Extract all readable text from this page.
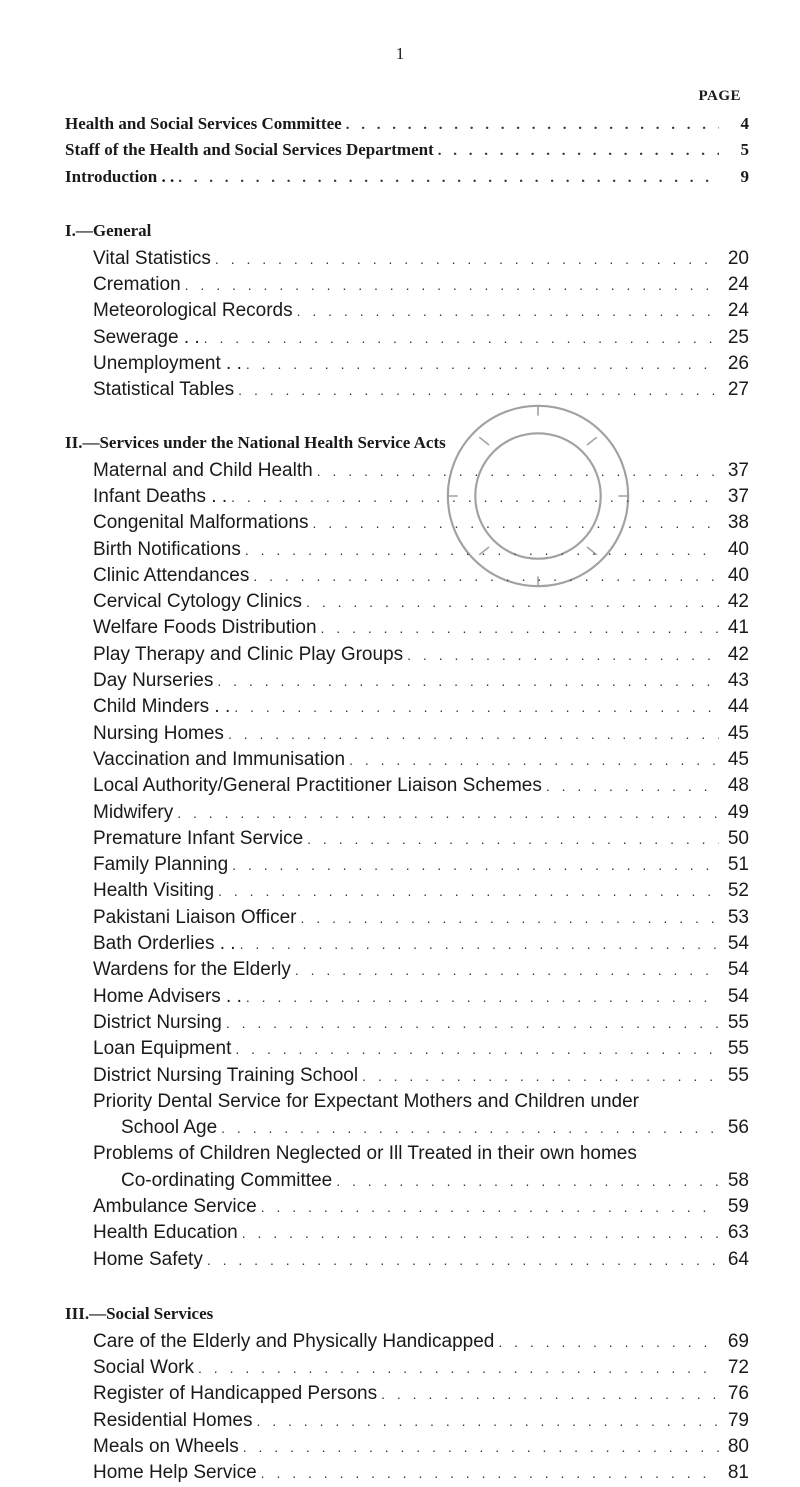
1
PAGE
Health and Social Services Committee . . .	4
Staff of the Health and Social Services Department . . .	5
Introduction . . . . .	9
I.—General
Vital Statistics . . .	20
Cremation . . .	24
Meteorological Records . . .	24
Sewerage . . . . .	25
Unemployment . . . . .	26
Statistical Tables . . .	27
II.—Services under the National Health Service Acts
Maternal and Child Health . . .	37
Infant Deaths . . . . .	37
Congenital Malformations . . .	38
Birth Notifications . . .	40
Clinic Attendances . . .	40
Cervical Cytology Clinics . . .	42
Welfare Foods Distribution . . .	41
Play Therapy and Clinic Play Groups . . .	42
Day Nurseries . . .	43
Child Minders . . . . .	44
Nursing Homes . . .	45
Vaccination and Immunisation . . .	45
Local Authority/General Practitioner Liaison Schemes . . .	48
Midwifery . . .	49
Premature Infant Service . . .	50
Family Planning . . .	51
Health Visiting . . .	52
Pakistani Liaison Officer . . .	53
Bath Orderlies . . . . .	54
Wardens for the Elderly . . .	54
Home Advisers . . . . .	54
District Nursing . . .	55
Loan Equipment . . .	55
District Nursing Training School . . .	55
Priority Dental Service for Expectant Mothers and Children under
School Age . . .	56
Problems of Children Neglected or Ill Treated in their own homes
Co-ordinating Committee . . .	58
Ambulance Service . . .	59
Health Education . . .	63
Home Safety . . .	64
III.—Social Services
Care of the Elderly and Physically Handicapped . . .	69
Social Work . . .	72
Register of Handicapped Persons . . .	76
Residential Homes . . .	79
Meals on Wheels . . .	80
Home Help Service . . .	81
